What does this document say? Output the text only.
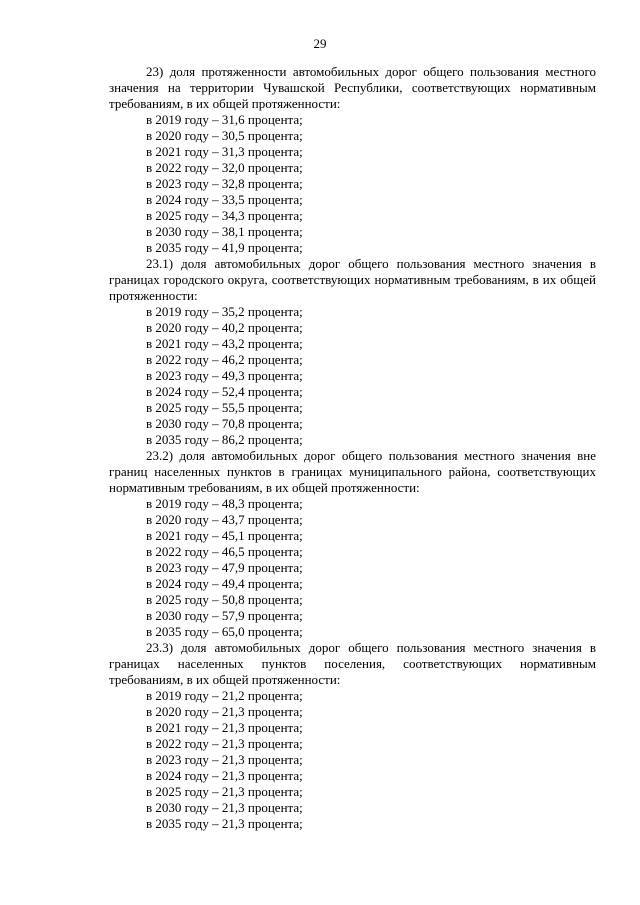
29

23) доля протяженности автомобильных дорог общего пользования местного значения на территории Чувашской Республики, соответствующих нормативным требованиям, в их общей протяженности:

в 2019 году – 31,6 процента;
в 2020 году – 30,5 процента;
в 2021 году – 31,3 процента;
в 2022 году – 32,0 процента;
в 2023 году – 32,8 процента;
в 2024 году – 33,5 процента;
в 2025 году – 34,3 процента;
в 2030 году – 38,1 процента;
в 2035 году – 41,9 процента;

23.1) доля автомобильных дорог общего пользования местного значения в границах городского округа, соответствующих нормативным требованиям, в их общей протяженности:

в 2019 году – 35,2 процента;
в 2020 году – 40,2 процента;
в 2021 году – 43,2 процента;
в 2022 году – 46,2 процента;
в 2023 году – 49,3 процента;
в 2024 году – 52,4 процента;
в 2025 году – 55,5 процента;
в 2030 году – 70,8 процента;
в 2035 году – 86,2 процента;

23.2) доля автомобильных дорог общего пользования местного значения вне границ населенных пунктов в границах муниципального района, соответствующих нормативным требованиям, в их общей протяженности:

в 2019 году – 48,3 процента;
в 2020 году – 43,7 процента;
в 2021 году – 45,1 процента;
в 2022 году – 46,5 процента;
в 2023 году – 47,9 процента;
в 2024 году – 49,4 процента;
в 2025 году – 50,8 процента;
в 2030 году – 57,9 процента;
в 2035 году – 65,0 процента;

23.3) доля автомобильных дорог общего пользования местного значения в границах населенных пунктов поселения, соответствующих нормативным требованиям, в их общей протяженности:

в 2019 году – 21,2 процента;
в 2020 году – 21,3 процента;
в 2021 году – 21,3 процента;
в 2022 году – 21,3 процента;
в 2023 году – 21,3 процента;
в 2024 году – 21,3 процента;
в 2025 году – 21,3 процента;
в 2030 году – 21,3 процента;
в 2035 году – 21,3 процента;
